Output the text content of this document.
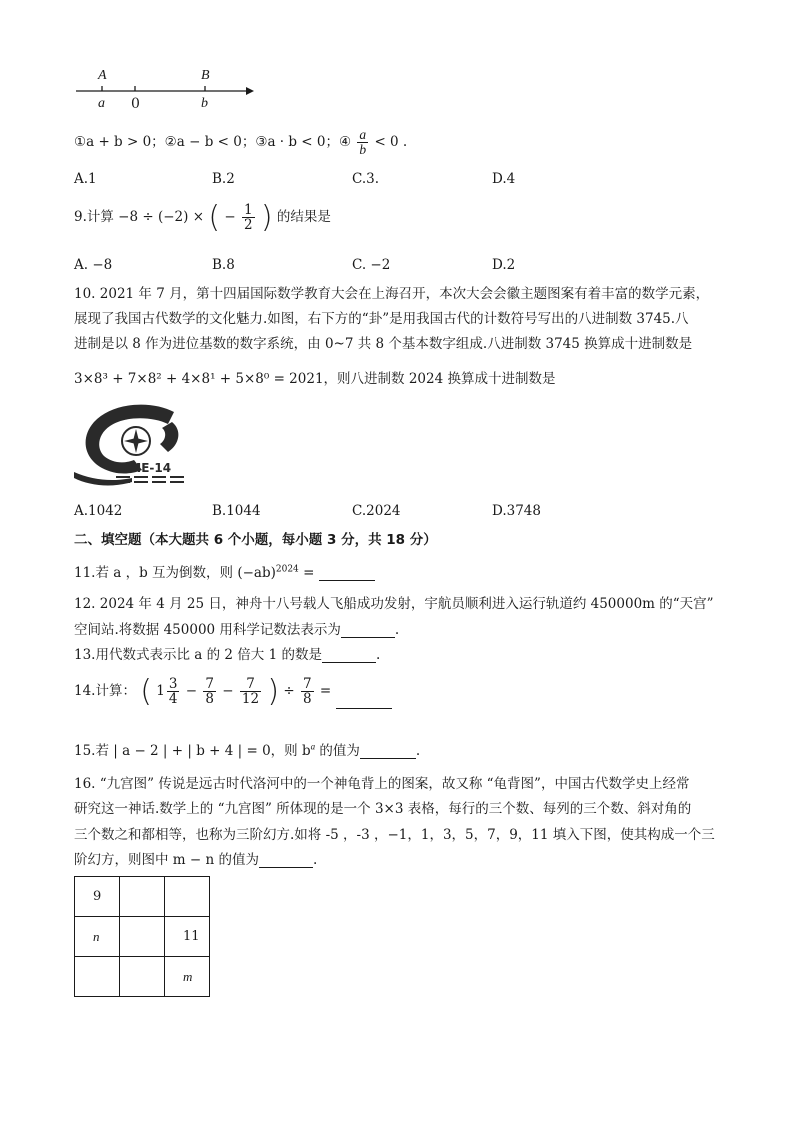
A	B
a 0	b
①a + b > 0；②a − b < 0；③a · b < 0；④ $\frac{a}{b} < 0$ .
A.1	B.2	C.3.	D.4
9.计算 −8 ÷ (−2) × ( − $\frac{1}{2}$ ) 的结果是
A. −8	B.8	C. −2	D.2
10. 2021 年 7 月，第十四届国际数学教育大会在上海召开，本次大会会徽主题图案有着丰富的数学元素，
展现了我国古代数学的文化魅力.如图，右下方的“卦”是用我国古代的计数符号写出的八进制数 3745.八
进制是以 8 作为进位基数的数字系统，由 0~7 共 8 个基本数字组成.八进制数 3745 换算成十进制数是
3×8³ + 7×8² + 4×8¹ + 5×8⁰ = 2021，则八进制数 2024 换算成十进制数是
ICME-14
A.1042	B.1044	C.2024	D.3748
二、填空题（本大题共 6 个小题，每小题 3 分，共 18 分）
11.若 a ，b 互为倒数，则 $(-ab)^{2024}$ =
12. 2024 年 4 月 25 日，神舟十八号载人飞船成功发射，宇航员顺利进入运行轨道约 450000m 的“天宫”
空间站.将数据 450000 用科学记数法表示为	.
13.用代数式表示比 a 的 2 倍大 1 的数是	.
14.计算： ( $1 \frac{3}{4} - \frac{7}{8} - \frac{7}{12}$ ) ÷ $\frac{7}{8}$ =
15.若 | a − 2 | + | b + 4 | = 0，则 $b^a$ 的值为	.
16. “九宫图” 传说是远古时代洛河中的一个神龟背上的图案，故又称 “龟背图”，中国古代数学史上经常
研究这一神话.数学上的 “九宫图” 所体现的是一个 3×3 表格，每行的三个数、每列的三个数、斜对角的
三个数之和都相等，也称为三阶幻方.如将 -5 ，-3 ，−1，1，3，5，7，9，11 填入下图，使其构成一个三
阶幻方，则图中 m − n 的值为	.
9		
n		11
		m
